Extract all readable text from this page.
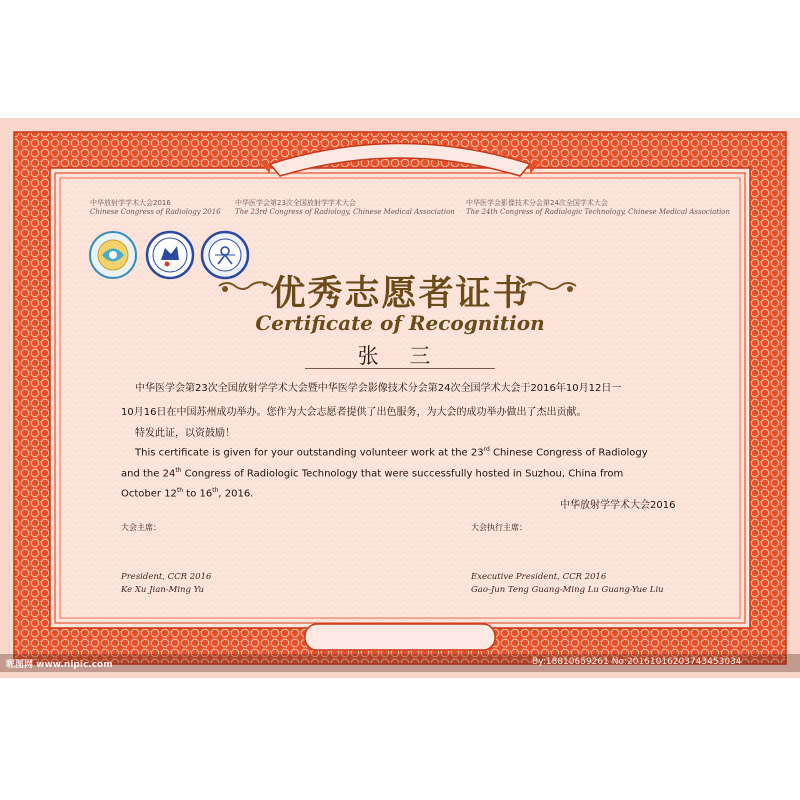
中华放射学学术大会2016
Chinese Congress of Radiology 2016
中华医学会第23次全国放射学学术大会
The 23rd Congress of Radiology, Chinese Medical Association
中华医学会影像技术分会第24次全国学术大会
The 24th Congress of Radiologic Technology, Chinese Medical Association
优秀志愿者证书
Certificate of Recognition
张 三
中华医学会第23次全国放射学学术大会暨中华医学会影像技术分会第24次全国学术大会于2016年10月12日一
10月16日在中国苏州成功举办。您作为大会志愿者提供了出色服务，为大会的成功举办做出了杰出贡献。
特发此证，以资鼓励！
This certificate is given for your outstanding volunteer work at the 23rd Chinese Congress of Radiology
and the 24th Congress of Radiologic Technology that were successfully hosted in Suzhou, China from
October 12th to 16th, 2016.
中华放射学学术大会2016
大会主席：	大会执行主席：
President, CCR 2016
Ke Xu Jian-Ming Yu
Executive President, CCR 2016
Gao-Jun Teng Guang-Ming Lu Guang-Yue Liu
昵图网 www.nipic.com	By:18810659261 No:20161016203743453034
